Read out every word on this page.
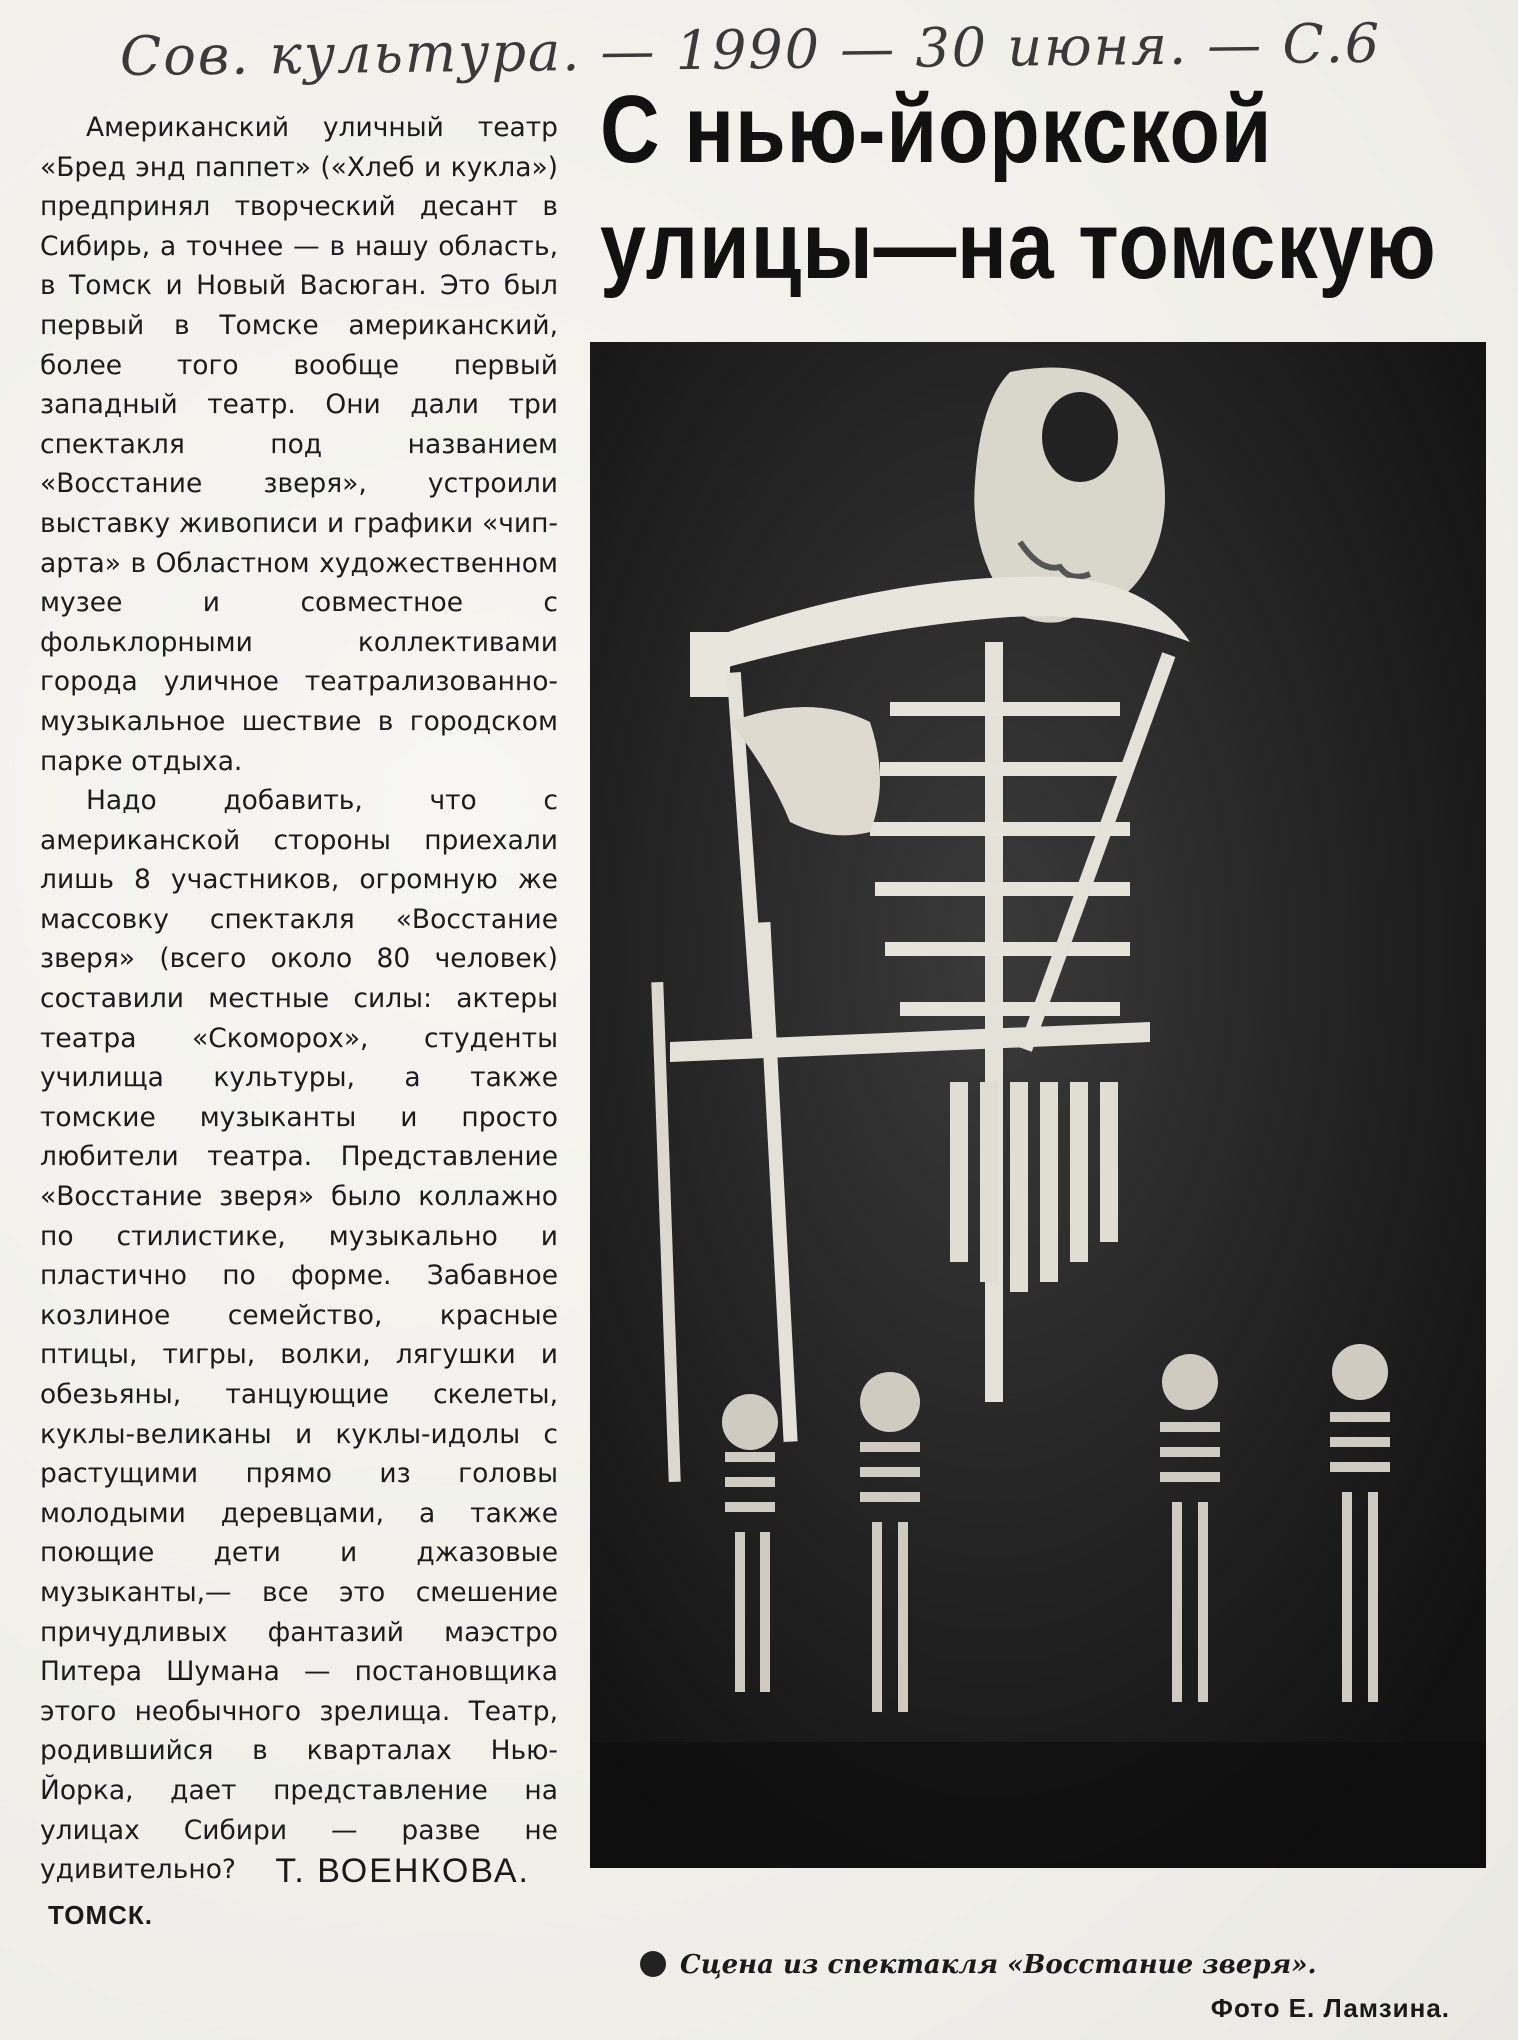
Сов. культура. — 1990 — 30 июня. — С.6
С нью-йоркской
улицы—на томскую

Американский уличный театр «Бред энд паппет» («Хлеб и кукла») предпринял творческий десант в Сибирь, а точнее — в нашу область, в Томск и Новый Васюган. Это был первый в Томске американский, более того вообще первый западный театр. Они дали три спектакля под названием «Восстание зверя», устроили выставку живописи и графики «чип-арта» в Областном художественном музее и совместное с фольклорными коллективами города уличное театрализованно-музыкальное шествие в городском парке отдыха.

Надо добавить, что с американской стороны приехали лишь 8 участников, огромную же массовку спектакля «Восстание зверя» (всего около 80 человек) составили местные силы: актеры театра «Скоморох», студенты училища культуры, а также томские музыканты и просто любители театра. Представление «Восстание зверя» было коллажно по стилистике, музыкально и пластично по форме. Забавное козлиное семейство, красные птицы, тигры, волки, лягушки и обезьяны, танцующие скелеты, куклы-великаны и куклы-идолы с растущими прямо из головы молодыми деревцами, а также поющие дети и джазовые музыканты,— все это смешение причудливых фантазий маэстро Питера Шумана — постановщика этого необычного зрелища. Театр, родившийся в кварталах Нью-Йорка, дает представление на улицах Сибири — разве не удивительно?	Т. ВОЕНКОВА.
ТОМСК.
Сцена из спектакля «Восстание зверя».
Фото Е. Ламзина.
